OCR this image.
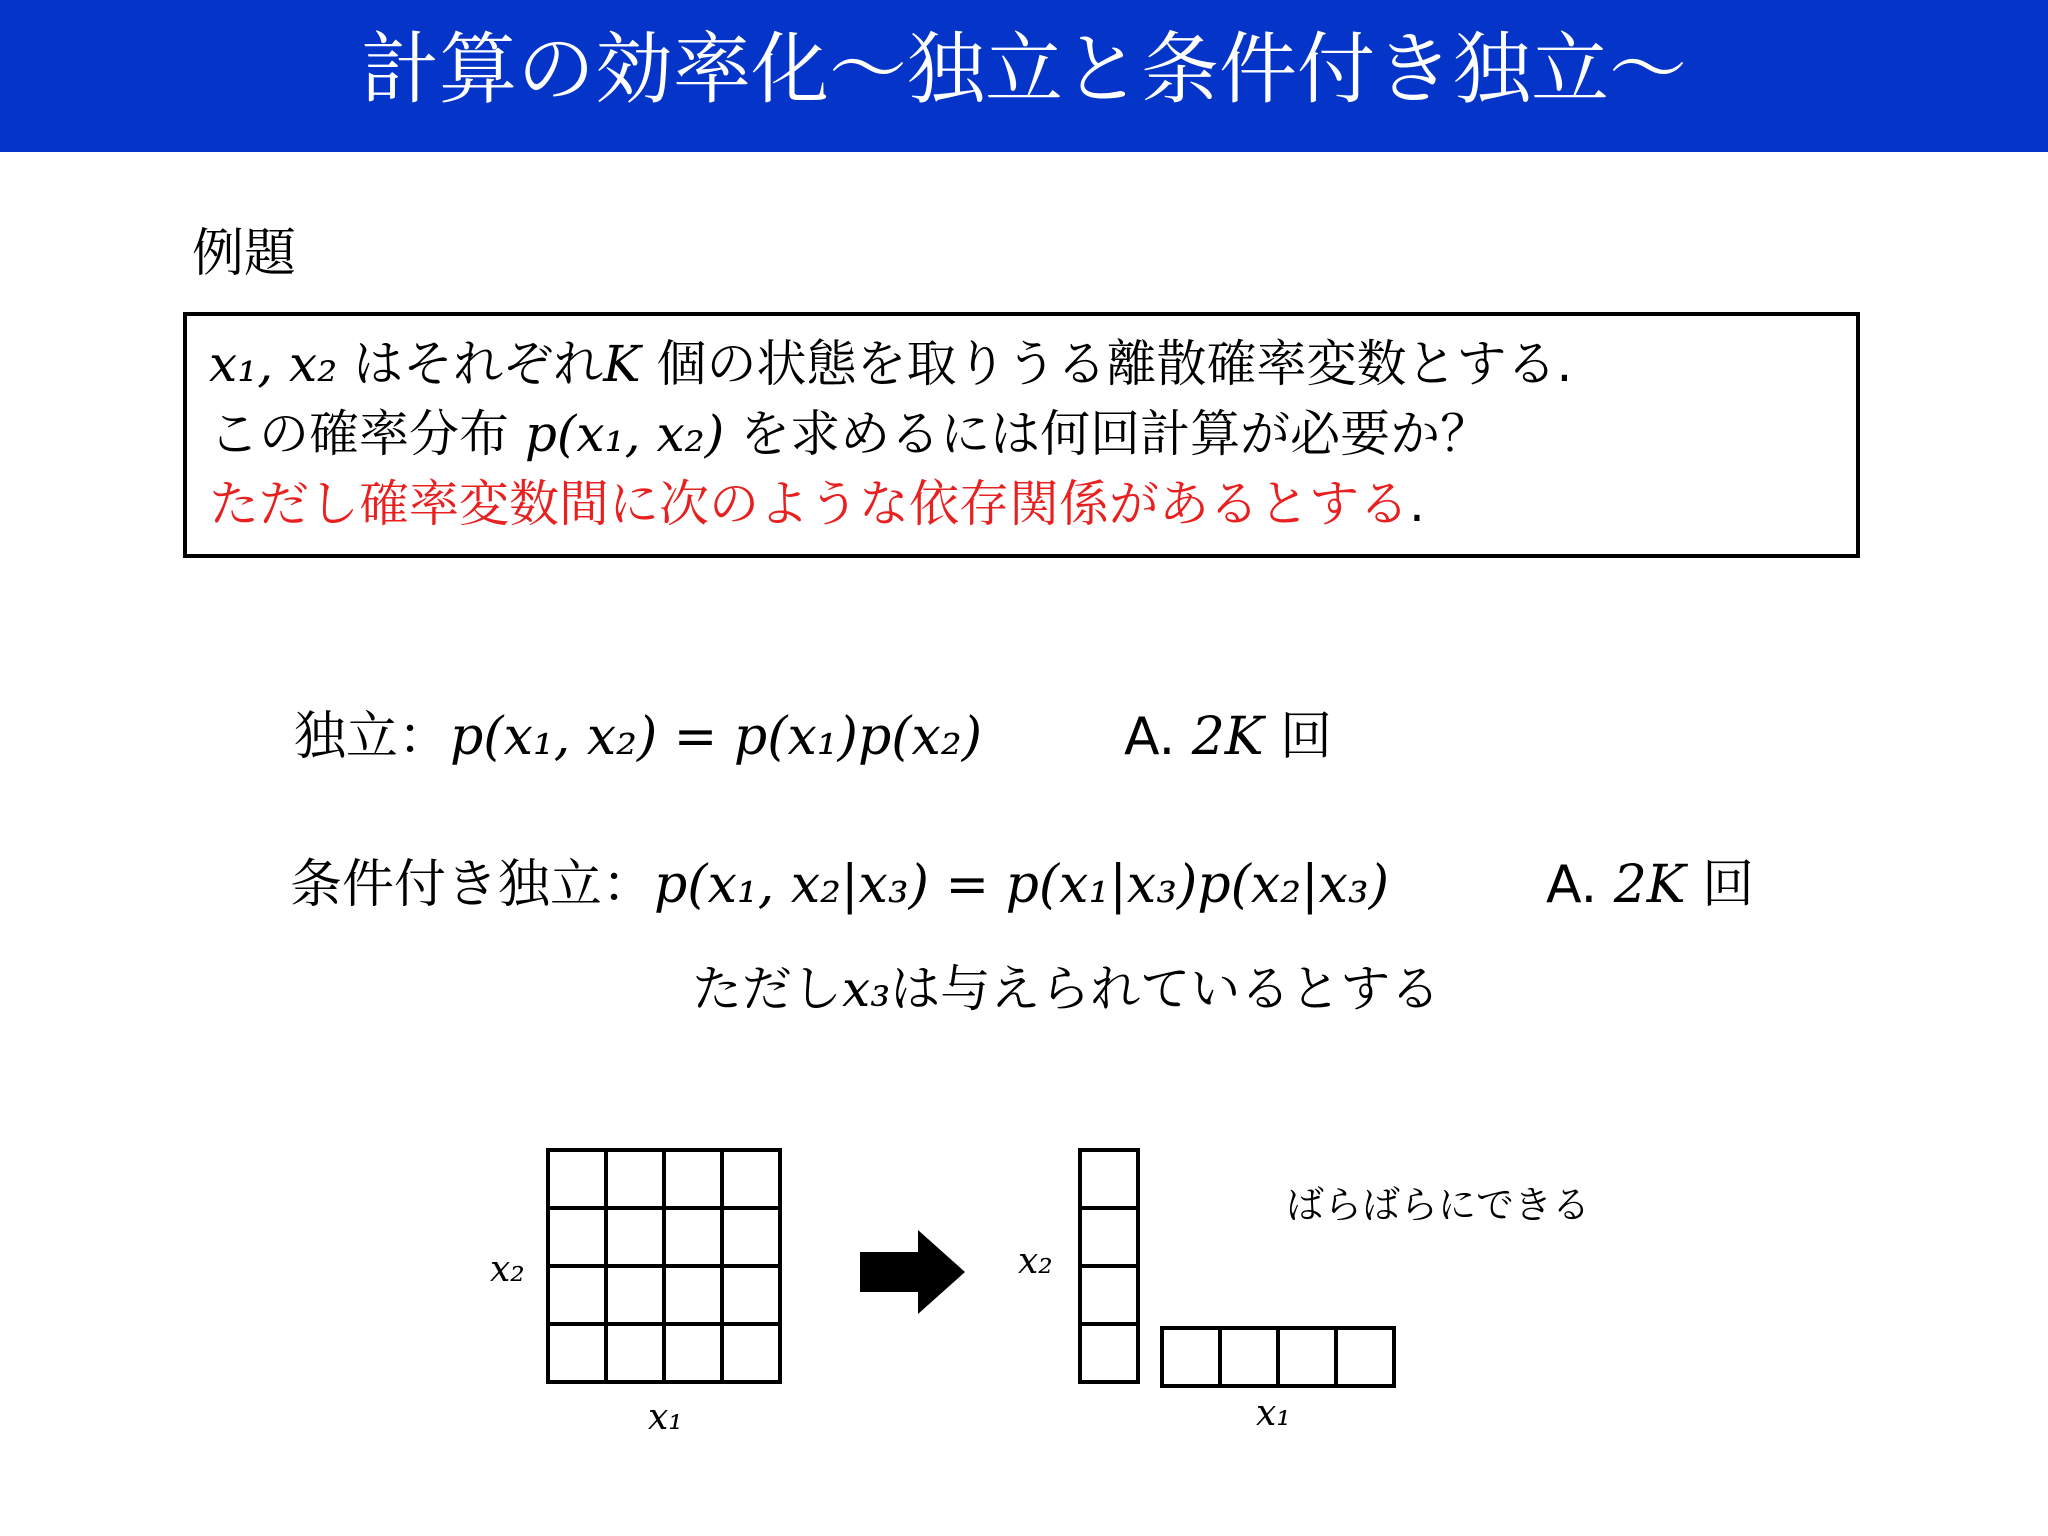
計算の効率化〜独立と条件付き独立〜
例題
x₁, x₂ はそれぞれK 個の状態を取りうる離散確率変数とする.
この確率分布 p(x₁, x₂) を求めるには何回計算が必要か？
ただし確率変数間に次のような依存関係があるとする.
独立：p(x₁, x₂) = p(x₁)p(x₂)	A. 2K 回
条件付き独立：p(x₁, x₂|x₃) = p(x₁|x₃)p(x₂|x₃)	A. 2K 回
ただしx₃は与えられているとする
x₂
x₁
x₂
x₁
ばらばらにできる
